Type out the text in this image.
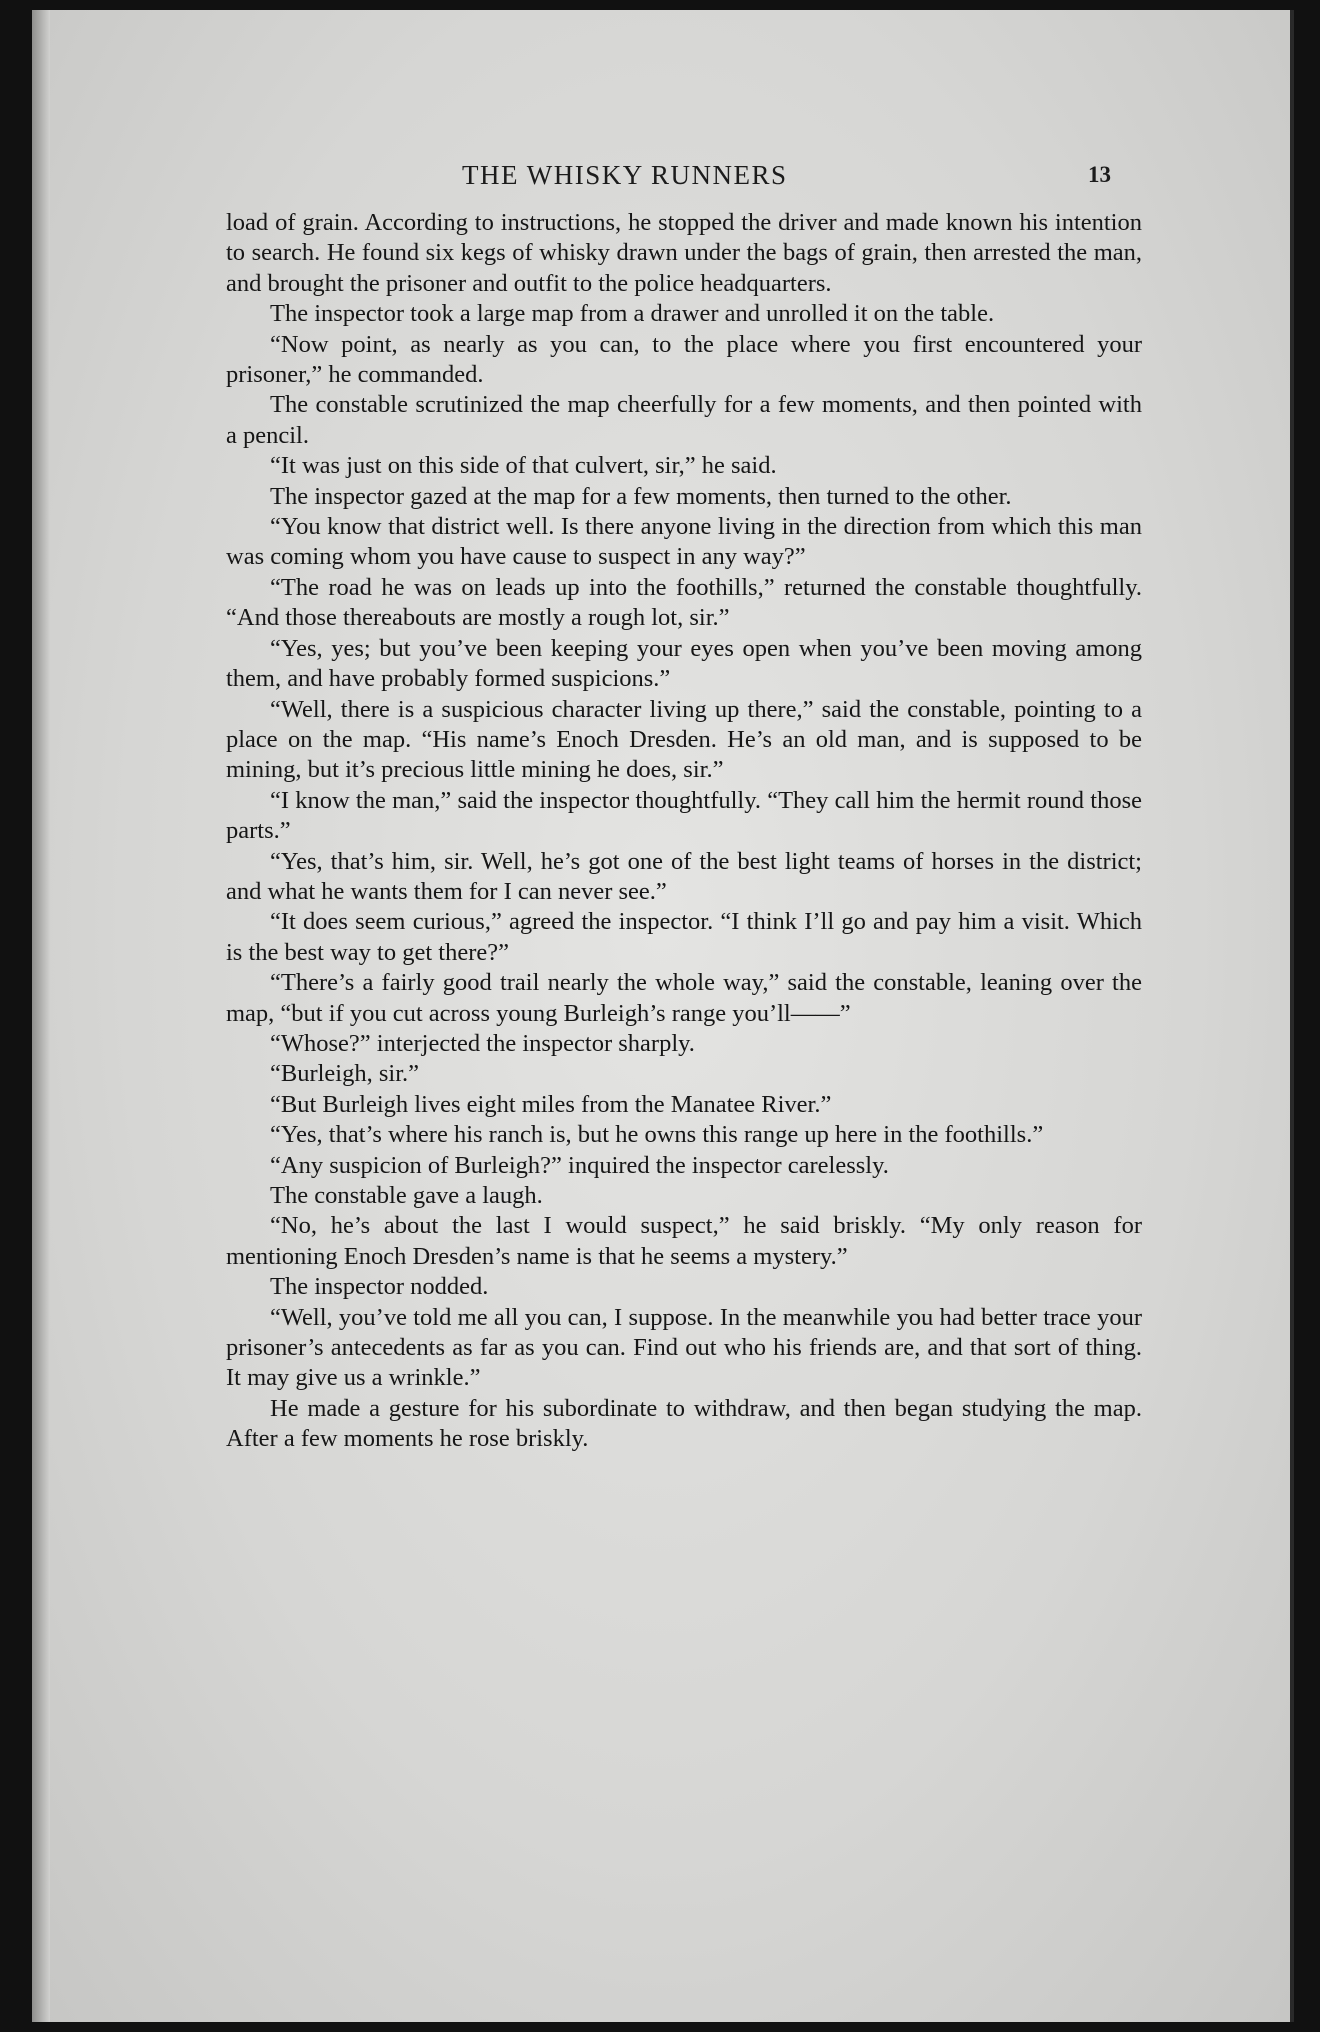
THE WHISKY RUNNERS	13

load of grain. According to instructions, he stopped the driver and made known his intention to search. He found six kegs of whisky drawn under the bags of grain, then arrested the man, and brought the prisoner and outfit to the police headquarters.

The inspector took a large map from a drawer and unrolled it on the table.

“Now point, as nearly as you can, to the place where you first encountered your prisoner,” he commanded.

The constable scrutinized the map cheerfully for a few moments, and then pointed with a pencil.

“It was just on this side of that culvert, sir,” he said.

The inspector gazed at the map for a few moments, then turned to the other.

“You know that district well. Is there anyone living in the direction from which this man was coming whom you have cause to suspect in any way?”

“The road he was on leads up into the foothills,” returned the constable thoughtfully. “And those thereabouts are mostly a rough lot, sir.”

“Yes, yes; but you’ve been keeping your eyes open when you’ve been moving among them, and have probably formed suspicions.”

“Well, there is a suspicious character living up there,” said the constable, pointing to a place on the map. “His name’s Enoch Dresden. He’s an old man, and is supposed to be mining, but it’s precious little mining he does, sir.”

“I know the man,” said the inspector thoughtfully. “They call him the hermit round those parts.”

“Yes, that’s him, sir. Well, he’s got one of the best light teams of horses in the district; and what he wants them for I can never see.”

“It does seem curious,” agreed the inspector. “I think I’ll go and pay him a visit. Which is the best way to get there?”

“There’s a fairly good trail nearly the whole way,” said the constable, leaning over the map, “but if you cut across young Burleigh’s range you’ll——”

“Whose?” interjected the inspector sharply.

“Burleigh, sir.”

“But Burleigh lives eight miles from the Manatee River.”

“Yes, that’s where his ranch is, but he owns this range up here in the foothills.”

“Any suspicion of Burleigh?” inquired the inspector carelessly.

The constable gave a laugh.

“No, he’s about the last I would suspect,” he said briskly. “My only reason for mentioning Enoch Dresden’s name is that he seems a mystery.”

The inspector nodded.

“Well, you’ve told me all you can, I suppose. In the meanwhile you had better trace your prisoner’s antecedents as far as you can. Find out who his friends are, and that sort of thing. It may give us a wrinkle.”

He made a gesture for his subordinate to withdraw, and then began studying the map. After a few moments he rose briskly.
